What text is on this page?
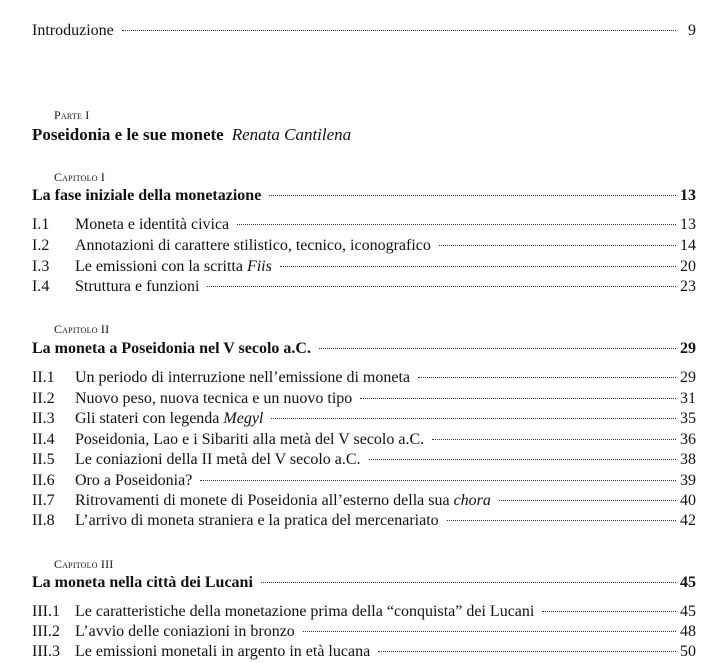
Introduzione	9
Parte I
Poseidonia e le sue monete Renata Cantilena
Capitolo I
La fase iniziale della monetazione	13
I.1	Moneta e identità civica	13
I.2	Annotazioni di carattere stilistico, tecnico, iconografico	14
I.3	Le emissioni con la scritta Fiis	20
I.4	Struttura e funzioni	23
Capitolo II
La moneta a Poseidonia nel V secolo a.C.	29
II.1	Un periodo di interruzione nell’emissione di moneta	29
II.2	Nuovo peso, nuova tecnica e un nuovo tipo	31
II.3	Gli stateri con legenda Megyl	35
II.4	Poseidonia, Lao e i Sibariti alla metà del V secolo a.C.	36
II.5	Le coniazioni della II metà del V secolo a.C.	38
II.6	Oro a Poseidonia?	39
II.7	Ritrovamenti di monete di Poseidonia all’esterno della sua chora	40
II.8	L’arrivo di moneta straniera e la pratica del mercenariato	42
Capitolo III
La moneta nella città dei Lucani	45
III.1 Le caratteristiche della monetazione prima della “conquista” dei Lucani	45
III.2 L’avvio delle coniazioni in bronzo	48
III.3 Le emissioni monetali in argento in età lucana	50
